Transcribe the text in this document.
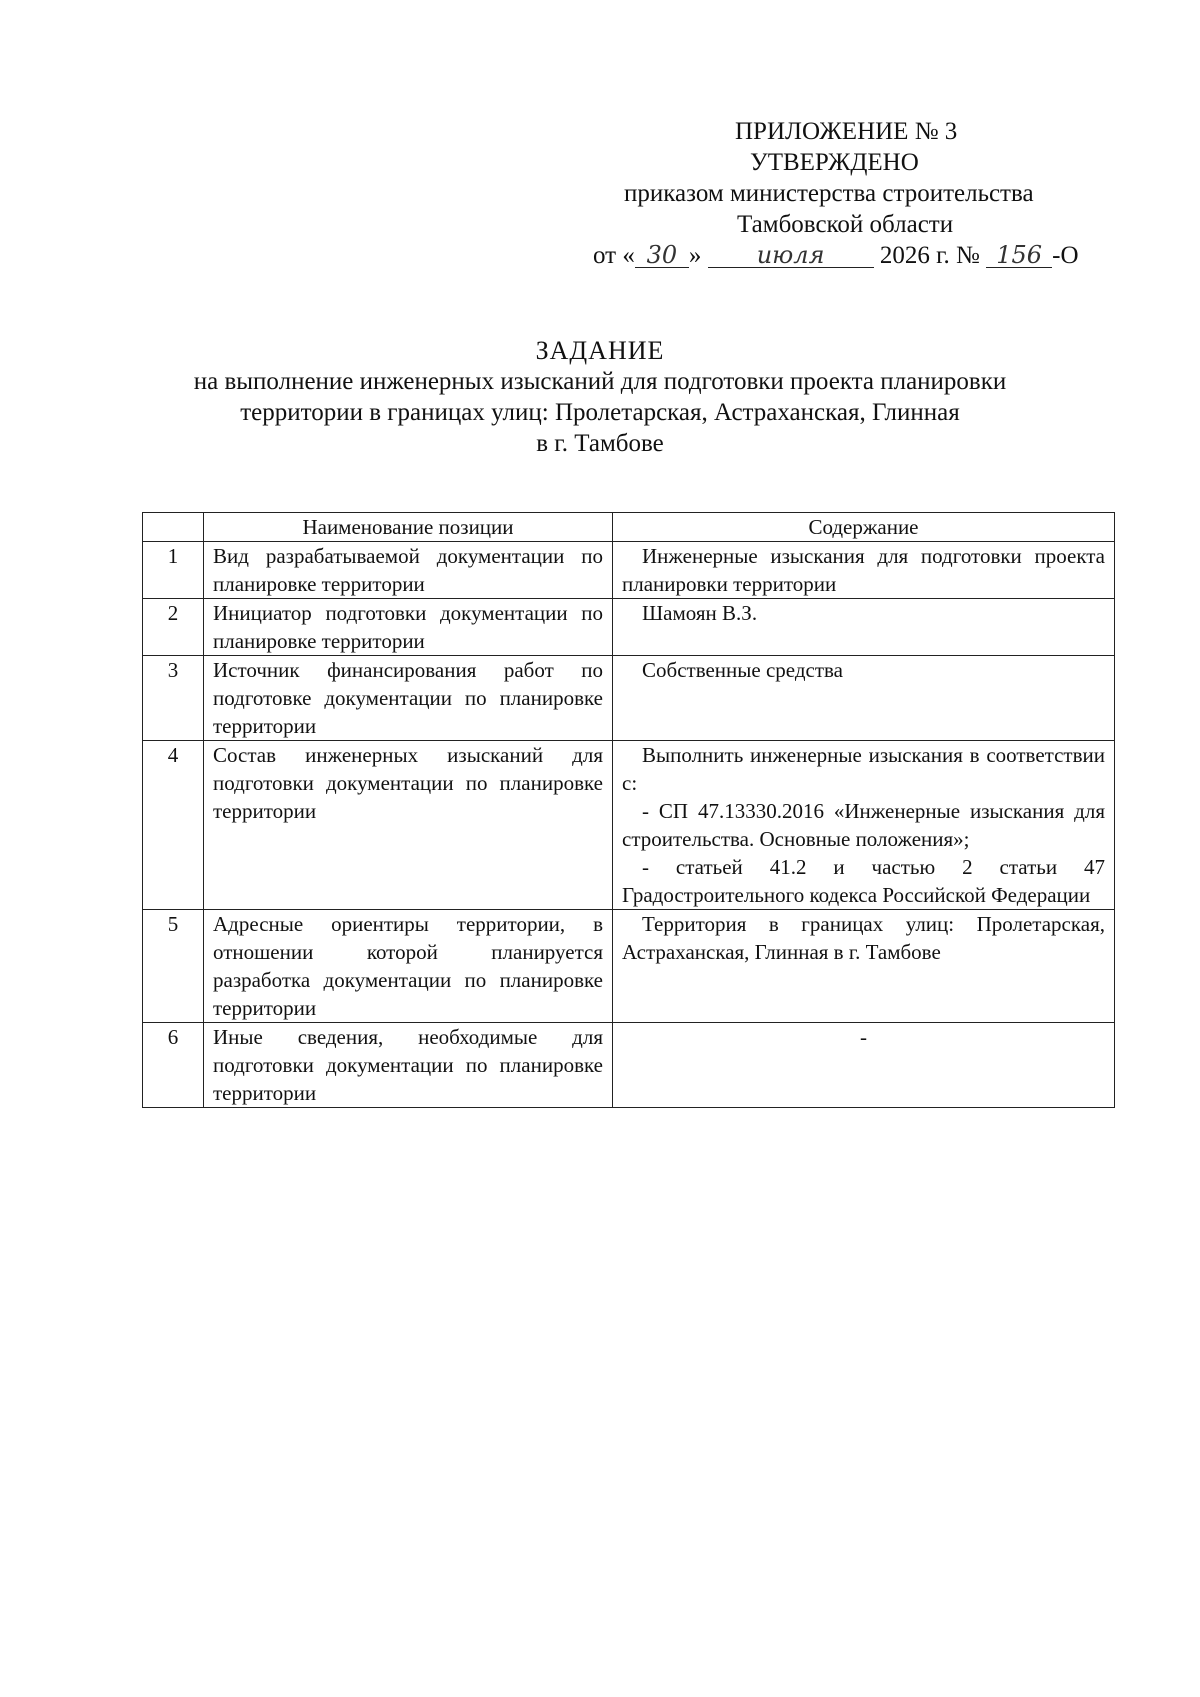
ПРИЛОЖЕНИЕ № 3
УТВЕРЖДЕНО
приказом министерства строительства
Тамбовской области
от « 30 » июля 2026 г. № 156 -О
ЗАДАНИЕ
на выполнение инженерных изысканий для подготовки проекта планировки
территории в границах улиц: Пролетарская, Астраханская, Глинная
в г. Тамбове
	Наименование позиции	Содержание
1	Вид разрабатываемой документации по планировке территории	Инженерные изыскания для подготовки проекта планировки территории
2	Инициатор подготовки документации по планировке территории	Шамоян В.З.
3	Источник финансирования работ по подготовке документации по планировке территории	Собственные средства
4	Состав инженерных изысканий для подготовки документации по планировке территории	Выполнить инженерные изыскания в соответствии с:
- СП 47.13330.2016 «Инженерные изыскания для строительства. Основные положения»;
- статьей 41.2 и частью 2 статьи 47 Градостроительного кодекса Российской Федерации

5	Адресные ориентиры территории, в отношении которой планируется разработка документации по планировке территории	Территория в границах улиц: Пролетарская, Астраханская, Глинная в г. Тамбове
6	Иные сведения, необходимые для подготовки документации по планировке территории	-
